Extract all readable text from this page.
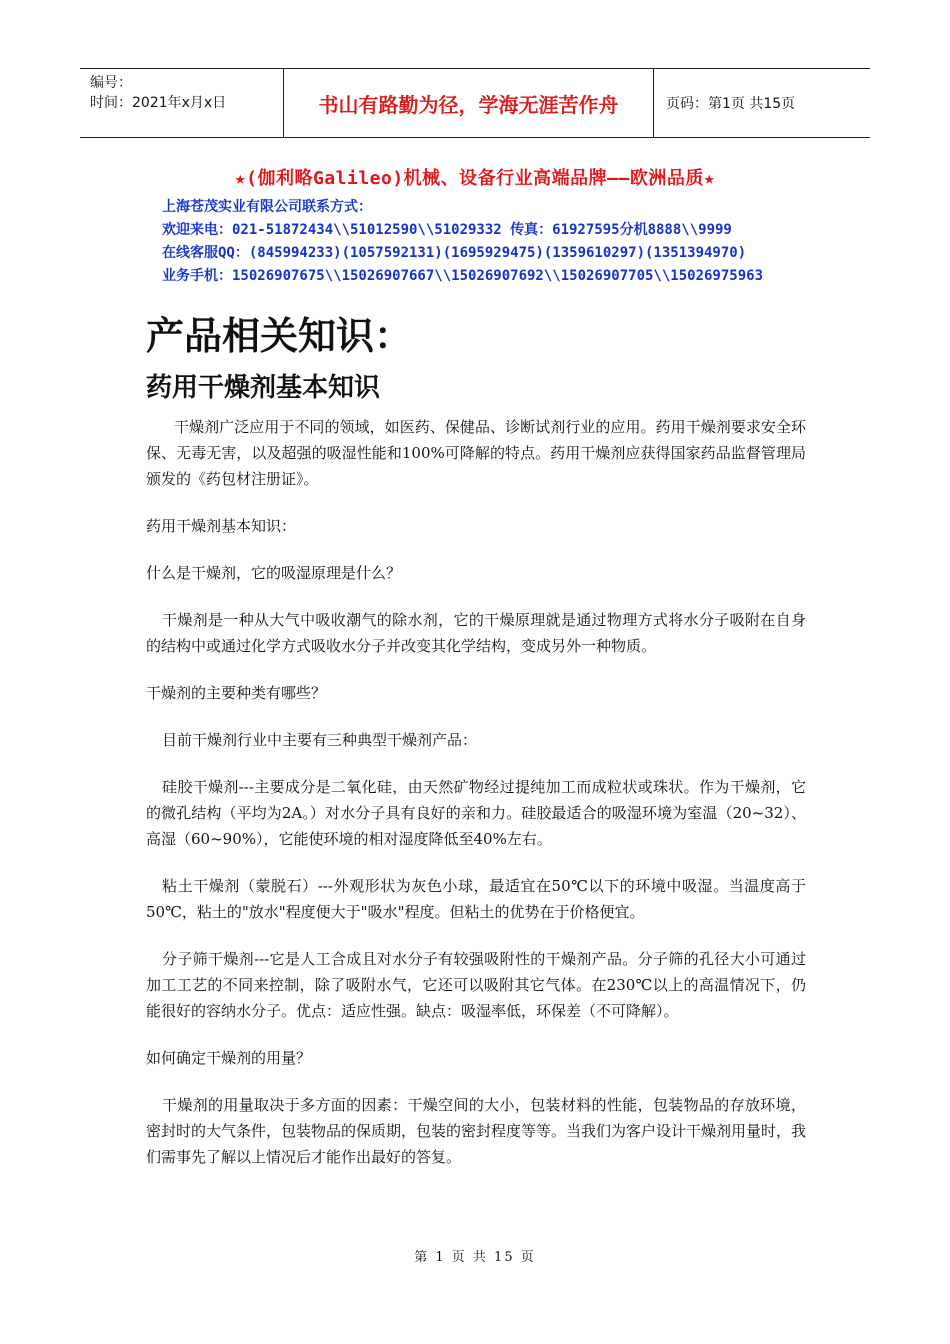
编号：
时间：2021年x月x日	书山有路勤为径，学海无涯苦作舟	页码：第1页 共15页
★(伽利略Galileo)机械、设备行业高端品牌——欧洲品质★
上海苍茂实业有限公司联系方式：
欢迎来电：021-51872434\\51012590\\51029332 传真：61927595分机8888\\9999
在线客服QQ：(845994233)(1057592131)(1695929475)(1359610297)(1351394970)
业务手机：15026907675\\15026907667\\15026907692\\15026907705\\15026975963
产品相关知识：
药用干燥剂基本知识

干燥剂广泛应用于不同的领域，如医药、保健品、诊断试剂行业的应用。药用干燥剂要求安全环保、无毒无害，以及超强的吸湿性能和100%可降解的特点。药用干燥剂应获得国家药品监督管理局颁发的《药包材注册证》。

药用干燥剂基本知识：

什么是干燥剂，它的吸湿原理是什么？

干燥剂是一种从大气中吸收潮气的除水剂，它的干燥原理就是通过物理方式将水分子吸附在自身的结构中或通过化学方式吸收水分子并改变其化学结构，变成另外一种物质。

干燥剂的主要种类有哪些？

目前干燥剂行业中主要有三种典型干燥剂产品：

硅胶干燥剂---主要成分是二氧化硅，由天然矿物经过提纯加工而成粒状或珠状。作为干燥剂，它的微孔结构（平均为2A。）对水分子具有良好的亲和力。硅胶最适合的吸湿环境为室温（20~32）、高湿（60~90%），它能使环境的相对湿度降低至40%左右。

粘土干燥剂（蒙脱石）---外观形状为灰色小球，最适宜在50℃以下的环境中吸湿。当温度高于50℃，粘土的"放水"程度便大于"吸水"程度。但粘土的优势在于价格便宜。

分子筛干燥剂---它是人工合成且对水分子有较强吸附性的干燥剂产品。分子筛的孔径大小可通过加工工艺的不同来控制，除了吸附水气，它还可以吸附其它气体。在230℃以上的高温情况下，仍能很好的容纳水分子。优点：适应性强。缺点：吸湿率低，环保差（不可降解）。

如何确定干燥剂的用量？

干燥剂的用量取决于多方面的因素：干燥空间的大小，包装材料的性能，包装物品的存放环境，密封时的大气条件，包装物品的保质期，包装的密封程度等等。当我们为客户设计干燥剂用量时，我们需事先了解以上情况后才能作出最好的答复。

第 1 页 共 15 页
